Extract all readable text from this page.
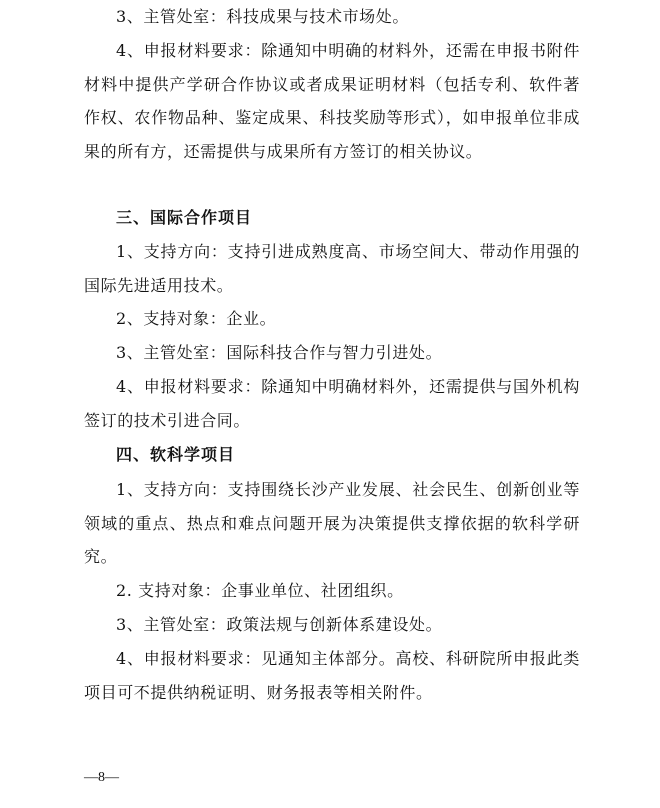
3、主管处室：科技成果与技术市场处。
4、申报材料要求：除通知中明确的材料外，还需在申报书附件材料中提供产学研合作协议或者成果证明材料（包括专利、软件著作权、农作物品种、鉴定成果、科技奖励等形式），如申报单位非成果的所有方，还需提供与成果所有方签订的相关协议。
三、国际合作项目
1、支持方向：支持引进成熟度高、市场空间大、带动作用强的国际先进适用技术。
2、支持对象：企业。
3、主管处室：国际科技合作与智力引进处。
4、申报材料要求：除通知中明确材料外，还需提供与国外机构签订的技术引进合同。
四、软科学项目
1、支持方向：支持围绕长沙产业发展、社会民生、创新创业等领域的重点、热点和难点问题开展为决策提供支撑依据的软科学研究。
2. 支持对象：企事业单位、社团组织。
3、主管处室：政策法规与创新体系建设处。
4、申报材料要求：见通知主体部分。高校、科研院所申报此类项目可不提供纳税证明、财务报表等相关附件。
—8—
